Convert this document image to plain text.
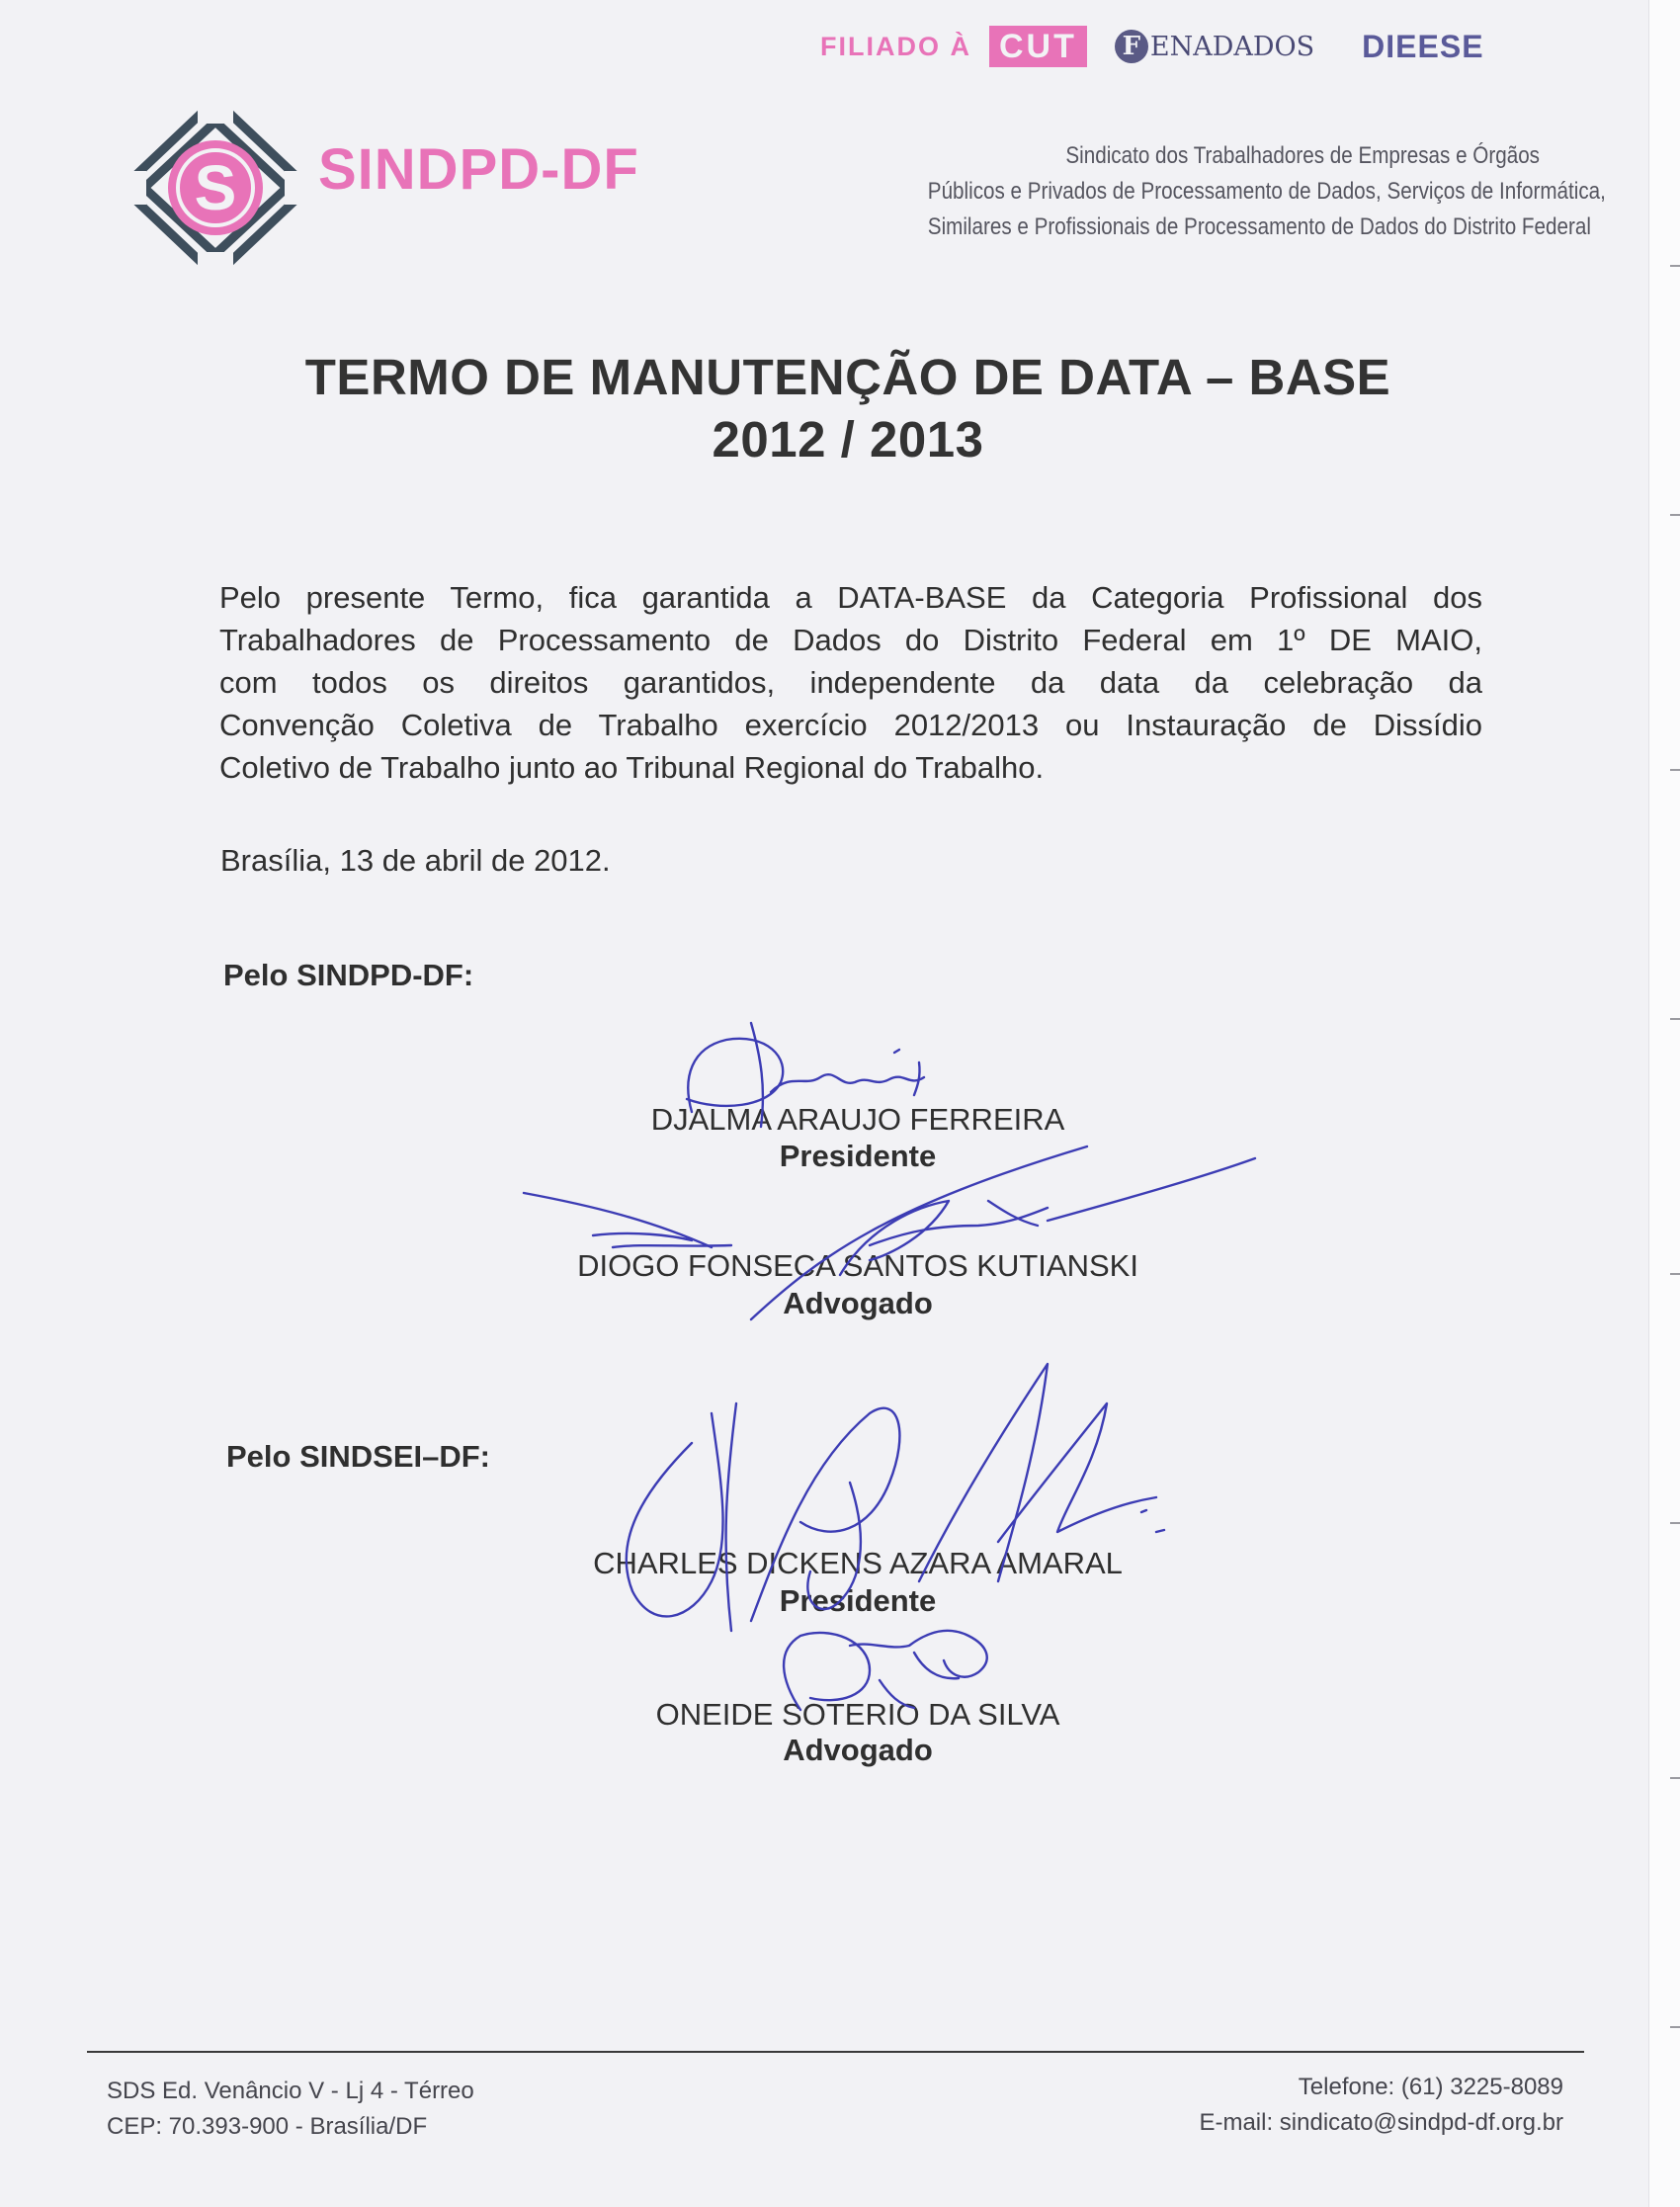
FILIADO À CUT	F ENADADOS DIEESE
S SINDPD-DF	Sindicato dos Trabalhadores de Empresas e Órgãos
Públicos e Privados de Processamento de Dados, Serviços de Informática,
Similares e Profissionais de Processamento de Dados do Distrito Federal
TERMO DE MANUTENÇÃO DE DATA – BASE
2012 / 2013
Pelo presente Termo, fica garantida a DATA-BASE da Categoria Profissional dos
Trabalhadores de Processamento de Dados do Distrito Federal em 1º DE MAIO,
com todos os direitos garantidos, independente da data da celebração da
Convenção Coletiva de Trabalho exercício 2012/2013 ou Instauração de Dissídio
Coletivo de Trabalho junto ao Tribunal Regional do Trabalho.
Brasília, 13 de abril de 2012.
Pelo SINDPD-DF:
DJALMA ARAUJO FERREIRA
Presidente
DIOGO FONSECA SANTOS KUTIANSKI
Advogado
Pelo SINDSEI–DF:
CHARLES DICKENS AZARA AMARAL
Presidente
ONEIDE SOTERIO DA SILVA
Advogado
SDS Ed. Venâncio V - Lj 4 - Térreo
CEP: 70.393-900 - Brasília/DF
Telefone: (61) 3225-8089
E-mail: sindicato@sindpd-df.org.br
